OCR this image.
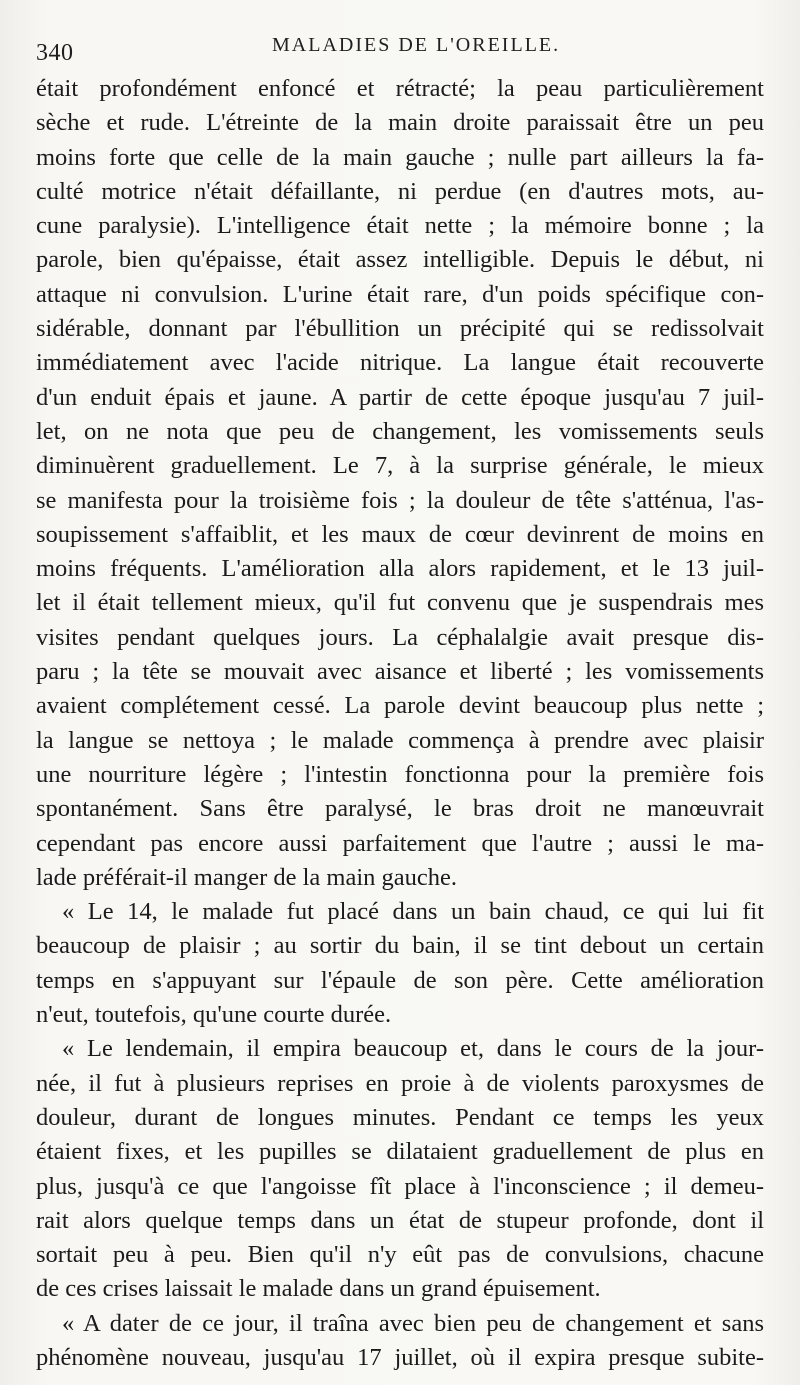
340	MALADIES DE L'OREILLE.
était profondément enfoncé et rétracté; la peau particulièrement
sèche et rude. L'étreinte de la main droite paraissait être un peu
moins forte que celle de la main gauche ; nulle part ailleurs la fa-
culté motrice n'était défaillante, ni perdue (en d'autres mots, au-
cune paralysie). L'intelligence était nette ; la mémoire bonne ; la
parole, bien qu'épaisse, était assez intelligible. Depuis le début, ni
attaque ni convulsion. L'urine était rare, d'un poids spécifique con-
sidérable, donnant par l'ébullition un précipité qui se redissolvait
immédiatement avec l'acide nitrique. La langue était recouverte
d'un enduit épais et jaune. A partir de cette époque jusqu'au 7 juil-
let, on ne nota que peu de changement, les vomissements seuls
diminuèrent graduellement. Le 7, à la surprise générale, le mieux
se manifesta pour la troisième fois ; la douleur de tête s'atténua, l'as-
soupissement s'affaiblit, et les maux de cœur devinrent de moins en
moins fréquents. L'amélioration alla alors rapidement, et le 13 juil-
let il était tellement mieux, qu'il fut convenu que je suspendrais mes
visites pendant quelques jours. La céphalalgie avait presque dis-
paru ; la tête se mouvait avec aisance et liberté ; les vomissements
avaient complétement cessé. La parole devint beaucoup plus nette ;
la langue se nettoya ; le malade commença à prendre avec plaisir
une nourriture légère ; l'intestin fonctionna pour la première fois
spontanément. Sans être paralysé, le bras droit ne manœuvrait
cependant pas encore aussi parfaitement que l'autre ; aussi le ma-
lade préférait-il manger de la main gauche.
« Le 14, le malade fut placé dans un bain chaud, ce qui lui fit
beaucoup de plaisir ; au sortir du bain, il se tint debout un certain
temps en s'appuyant sur l'épaule de son père. Cette amélioration
n'eut, toutefois, qu'une courte durée.
« Le lendemain, il empira beaucoup et, dans le cours de la jour-
née, il fut à plusieurs reprises en proie à de violents paroxysmes de
douleur, durant de longues minutes. Pendant ce temps les yeux
étaient fixes, et les pupilles se dilataient graduellement de plus en
plus, jusqu'à ce que l'angoisse fît place à l'inconscience ; il demeu-
rait alors quelque temps dans un état de stupeur profonde, dont il
sortait peu à peu. Bien qu'il n'y eût pas de convulsions, chacune
de ces crises laissait le malade dans un grand épuisement.
« A dater de ce jour, il traîna avec bien peu de changement et sans
phénomène nouveau, jusqu'au 17 juillet, où il expira presque subite-
